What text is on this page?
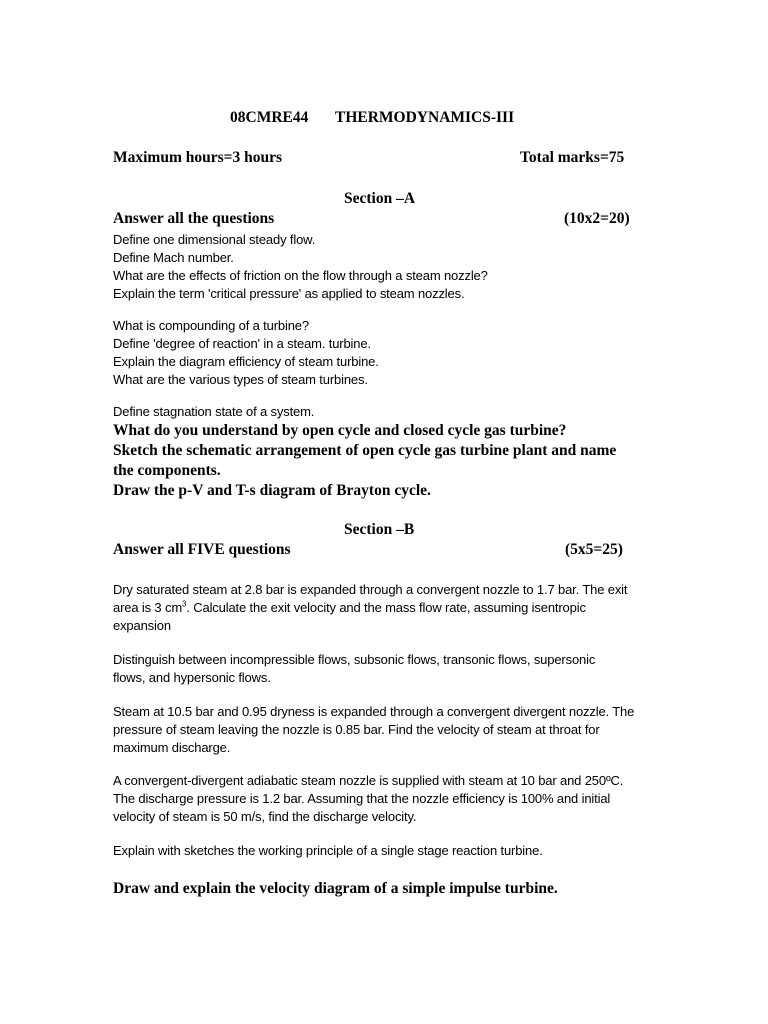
08CMRE44 THERMODYNAMICS-III
Maximum hours=3 hours	Total marks=75
Section –A
Answer all the questions	(10x2=20)
Define one dimensional steady flow.
Define Mach number.
What are the effects of friction on the flow through a steam nozzle?
Explain the term 'critical pressure' as applied to steam nozzles.
What is compounding of a turbine?
Define 'degree of reaction' in a steam. turbine.
Explain the diagram efficiency of steam turbine.
What are the various types of steam turbines.
Define stagnation state of a system.
What do you understand by open cycle and closed cycle gas turbine?
Sketch the schematic arrangement of open cycle gas turbine plant and name
the components.
Draw the p-V and T-s diagram of Brayton cycle.
Section –B
Answer all FIVE questions	(5x5=25)
Dry saturated steam at 2.8 bar is expanded through a convergent nozzle to 1.7 bar. The exit
area is 3 $cm^3$. Calculate the exit velocity and the mass flow rate, assuming isentropic
expansion
Distinguish between incompressible flows, subsonic flows, transonic flows, supersonic
flows, and hypersonic flows.
Steam at 10.5 bar and 0.95 dryness is expanded through a convergent divergent nozzle. The
pressure of steam leaving the nozzle is 0.85 bar. Find the velocity of steam at throat for
maximum discharge.
A convergent-divergent adiabatic steam nozzle is supplied with steam at 10 bar and 250ºC.
The discharge pressure is 1.2 bar. Assuming that the nozzle efficiency is 100% and initial
velocity of steam is 50 m/s, find the discharge velocity.
Explain with sketches the working principle of a single stage reaction turbine.
Draw and explain the velocity diagram of a simple impulse turbine.
